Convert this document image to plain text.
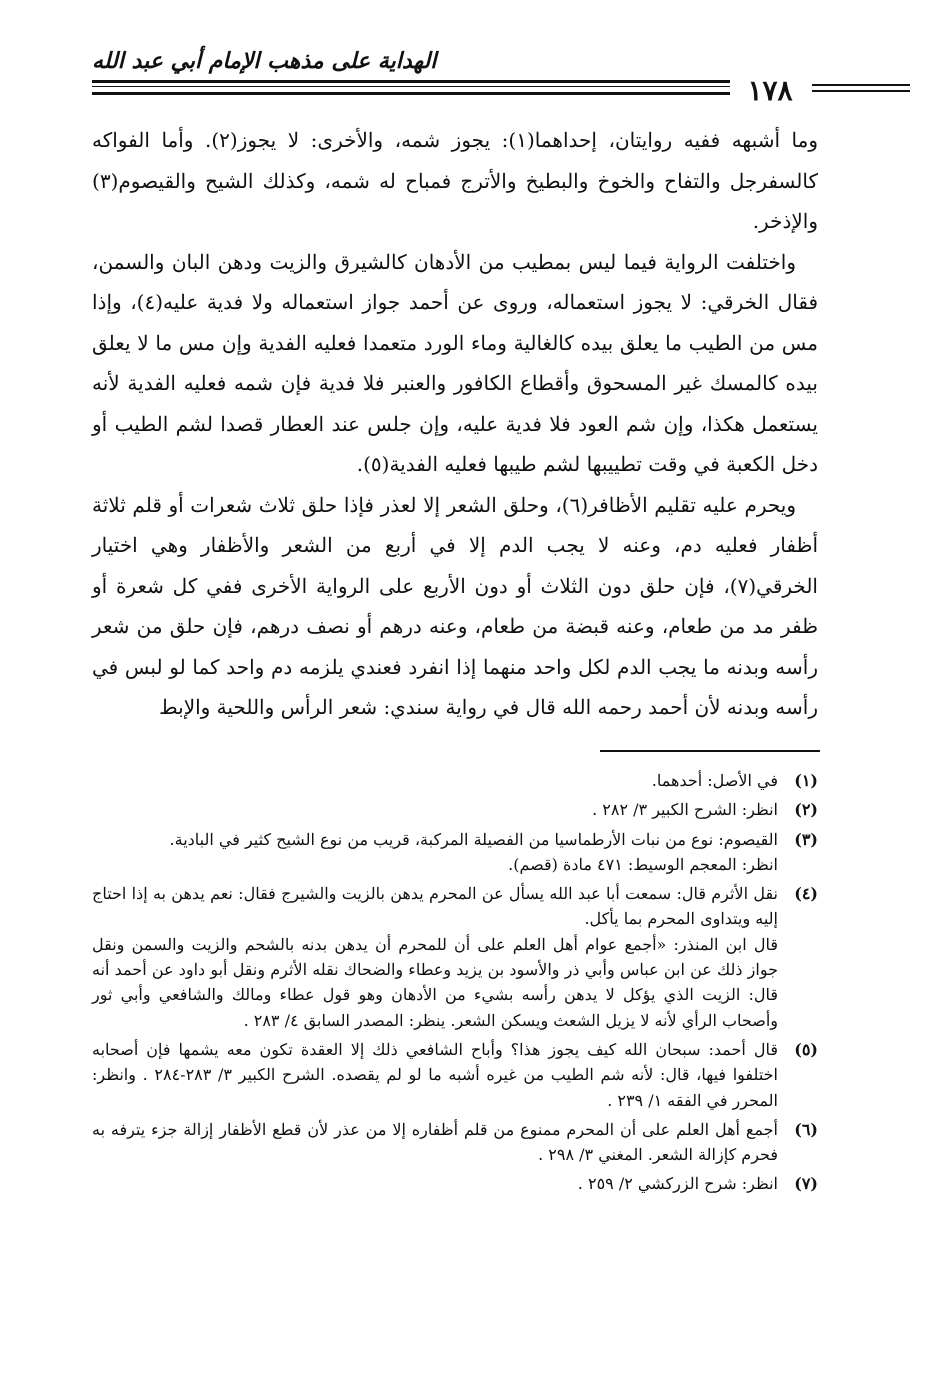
الهداية على مذهب الإمام أبي عبد الله
١٧٨

وما أشبهه ففيه روايتان، إحداهما(١): يجوز شمه، والأخرى: لا يجوز(٢). وأما الفواكه كالسفرجل والتفاح والخوخ والبطيخ والأترج فمباح له شمه، وكذلك الشيح والقيصوم(٣) والإذخر.

واختلفت الرواية فيما ليس بمطيب من الأدهان كالشيرق والزيت ودهن البان والسمن، فقال الخرقي: لا يجوز استعماله، وروى عن أحمد جواز استعماله ولا فدية عليه(٤)، وإذا مس من الطيب ما يعلق بيده كالغالية وماء الورد متعمدا فعليه الفدية وإن مس ما لا يعلق بيده كالمسك غير المسحوق وأقطاع الكافور والعنبر فلا فدية فإن شمه فعليه الفدية لأنه يستعمل هكذا، وإن شم العود فلا فدية عليه، وإن جلس عند العطار قصدا لشم الطيب أو دخل الكعبة في وقت تطييبها لشم طيبها فعليه الفدية(٥).

ويحرم عليه تقليم الأظافر(٦)، وحلق الشعر إلا لعذر فإذا حلق ثلاث شعرات أو قلم ثلاثة أظفار فعليه دم، وعنه لا يجب الدم إلا في أربع من الشعر والأظفار وهي اختيار الخرقي(٧)، فإن حلق دون الثلاث أو دون الأربع على الرواية الأخرى ففي كل شعرة أو ظفر مد من طعام، وعنه قبضة من طعام، وعنه درهم أو نصف درهم، فإن حلق من شعر رأسه وبدنه ما يجب الدم لكل واحد منهما إذا انفرد فعندي يلزمه دم واحد كما لو لبس في رأسه وبدنه لأن أحمد رحمه الله قال في رواية سندي: شعر الرأس واللحية والإبط

(١)
في الأصل: أحدهما.
(٢)
انظر: الشرح الكبير ٣/ ٢٨٢ .
(٣)
القيصوم: نوع من نبات الأرطماسيا من الفصيلة المركبة، قريب من نوع الشيح كثير في البادية.
انظر: المعجم الوسيط: ٤٧١ مادة (قصم).
(٤)
نقل الأثرم قال: سمعت أبا عبد الله يسأل عن المحرم يدهن بالزيت والشيرج فقال: نعم يدهن به إذا احتاج إليه ويتداوى المحرم بما يأكل.
قال ابن المنذر: «أجمع عوام أهل العلم على أن للمحرم أن يدهن بدنه بالشحم والزيت والسمن ونقل جواز ذلك عن ابن عباس وأبي ذر والأسود بن يزيد وعطاء والضحاك نقله الأثرم ونقل أبو داود عن أحمد أنه قال: الزيت الذي يؤكل لا يدهن رأسه بشيء من الأدهان وهو قول عطاء ومالك والشافعي وأبي ثور وأصحاب الرأي لأنه لا يزيل الشعث ويسكن الشعر. ينظر: المصدر السابق ٤/ ٢٨٣ .
(٥)
قال أحمد: سبحان الله كيف يجوز هذا؟ وأباح الشافعي ذلك إلا العقدة تكون معه يشمها فإن أصحابه اختلفوا فيها، قال: لأنه شم الطيب من غيره أشبه ما لو لم يقصده. الشرح الكبير ٣/ ٢٨٣-٢٨٤ . وانظر: المحرر في الفقه ١/ ٢٣٩ .
(٦)
أجمع أهل العلم على أن المحرم ممنوع من قلم أظفاره إلا من عذر لأن قطع الأظفار إزالة جزء يترفه به فحرم كإزالة الشعر. المغني ٣/ ٢٩٨ .
(٧)
انظر: شرح الزركشي ٢/ ٢٥٩ .
